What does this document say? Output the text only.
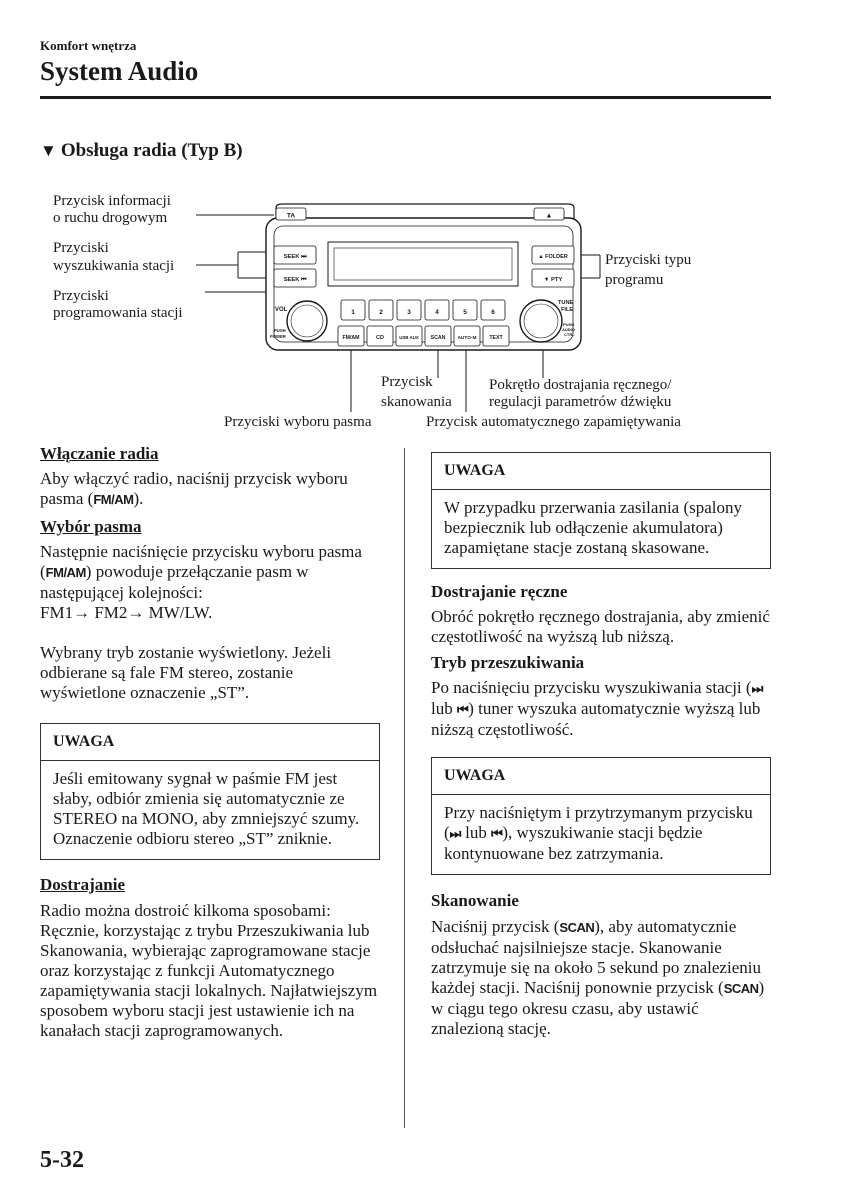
Komfort wnętrza
System Audio
▼ Obsługa radia (Typ B)
Przycisk informacji
o ruchu drogowym
Przyciski
wyszukiwania stacji
Przyciski
programowania stacji
Przyciski typu
programu
Przycisk
skanowania
Pokrętło dostrajania ręcznego/
regulacji parametrów dźwięku
Przyciski wyboru pasma	Przycisk automatycznego zapamiętywania
TA	▲
SEEK ⏭
SEEK ⏮
▲ FOLDER
▼ PTY
VOL
PUSH
POWER
TUNE
FILE
PUSH
AUDIO
CTRL
1	2	3	4	5	6
FM/AM	CD	USB AUX SCAN	AUTO·M TEXT
Włączanie radia

Aby włączyć radio, naciśnij przycisk wyboru pasma (FM/AM).

Wybór pasma

Następnie naciśnięcie przycisku wyboru pasma (FM/AM) powoduje przełączanie pasm w następującej kolejności:
FM1→ FM2→ MW/LW.

Wybrany tryb zostanie wyświetlony. Jeżeli odbierane są fale FM stereo, zostanie wyświetlone oznaczenie „ST”.

UWAGA
Jeśli emitowany sygnał w paśmie FM jest słaby, odbiór zmienia się automatycznie ze STEREO na MONO, aby zmniejszyć szumy. Oznaczenie odbioru stereo „ST” zniknie.
Dostrajanie

Radio można dostroić kilkoma sposobami: Ręcznie, korzystając z trybu Przeszukiwania lub Skanowania, wybierając zaprogramowane stacje oraz korzystając z funkcji Automatycznego zapamiętywania stacji lokalnych. Najłatwiejszym sposobem wyboru stacji jest ustawienie ich na kanałach stacji zaprogramowanych.

UWAGA
W przypadku przerwania zasilania (spalony bezpiecznik lub odłączenie akumulatora) zapamiętane stacje zostaną skasowane.
Dostrajanie ręczne

Obróć pokrętło ręcznego dostrajania, aby zmienić częstotliwość na wyższą lub niższą.

Tryb przeszukiwania

Po naciśnięciu przycisku wyszukiwania stacji (⏭ lub ⏮) tuner wyszuka automatycznie wyższą lub niższą częstotliwość.

UWAGA
Przy naciśniętym i przytrzymanym przycisku (⏭ lub ⏮), wyszukiwanie stacji będzie kontynuowane bez zatrzymania.
Skanowanie

Naciśnij przycisk (SCAN), aby automatycznie odsłuchać najsilniejsze stacje. Skanowanie zatrzymuje się na około 5 sekund po znalezieniu każdej stacji. Naciśnij ponownie przycisk (SCAN) w ciągu tego okresu czasu, aby ustawić znalezioną stację.

5-32
